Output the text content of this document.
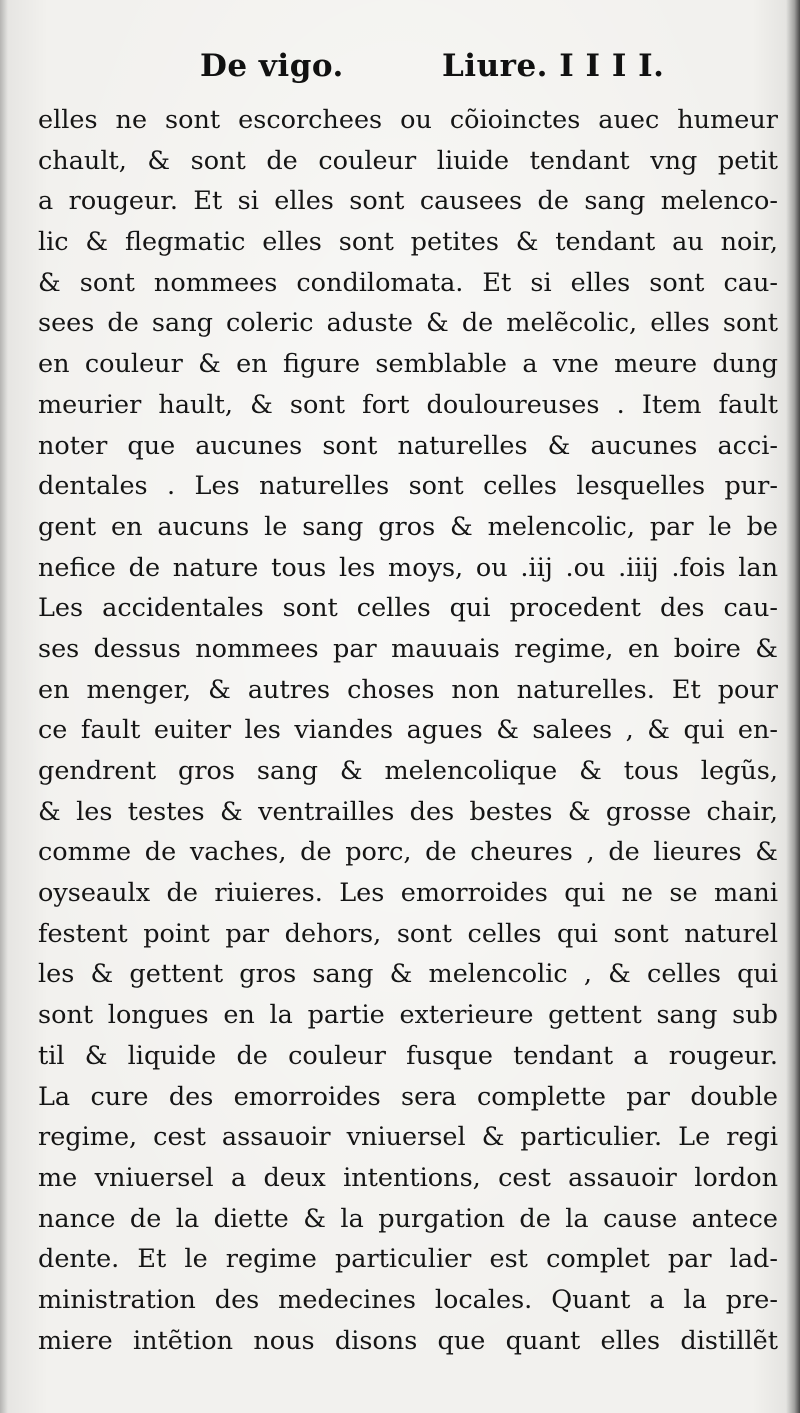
De vigo.	Liure. I I I I.
elles ne sont escorchees ou cõioinctes auec humeur
chault, & sont de couleur liuide tendant vng petit
a rougeur. Et si elles sont causees de sang melenco-
lic & flegmatic elles sont petites & tendant au noir,
& sont nommees condilomata. Et si elles sont cau-
sees de sang coleric aduste & de melẽcolic, elles sont
en couleur & en figure semblable a vne meure dung
meurier hault, & sont fort douloureuses . Item fault
noter que aucunes sont naturelles & aucunes acci-
dentales . Les naturelles sont celles lesquelles pur-
gent en aucuns le sang gros & melencolic, par le be
nefice de nature tous les moys, ou .iij .ou .iiij .fois lan
Les accidentales sont celles qui procedent des cau-
ses dessus nommees par mauuais regime, en boire &
en menger, & autres choses non naturelles. Et pour
ce fault euiter les viandes agues & salees , & qui en-
gendrent gros sang & melencolique & tous legũs,
& les testes & ventrailles des bestes & grosse chair,
comme de vaches, de porc, de cheures , de lieures &
oyseaulx de riuieres. Les emorroides qui ne se mani
festent point par dehors, sont celles qui sont naturel
les & gettent gros sang & melencolic , & celles qui
sont longues en la partie exterieure gettent sang sub
til & liquide de couleur fusque tendant a rougeur.
La cure des emorroides sera complette par double
regime, cest assauoir vniuersel & particulier. Le regi
me vniuersel a deux intentions, cest assauoir lordon
nance de la diette & la purgation de la cause antece
dente. Et le regime particulier est complet par lad-
ministration des medecines locales. Quant a la pre-
miere intẽtion nous disons que quant elles distillẽt
